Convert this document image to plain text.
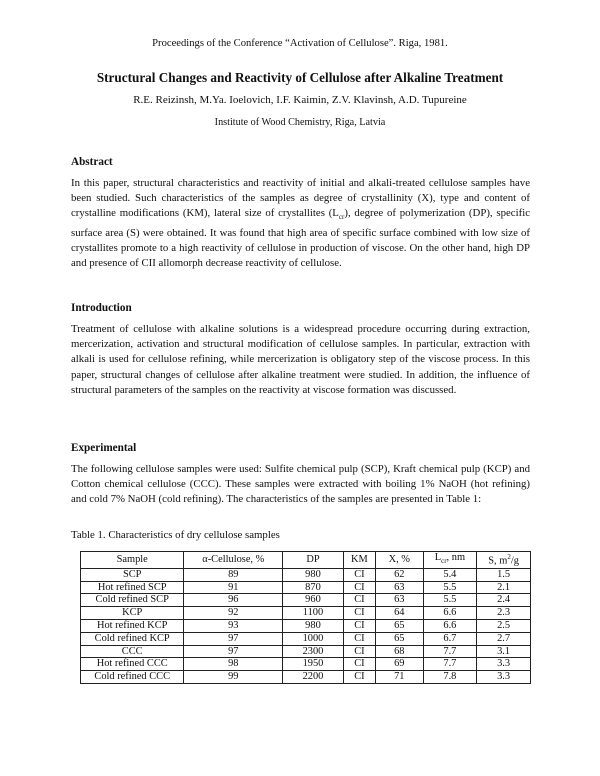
Proceedings of the Conference “Activation of Cellulose”. Riga, 1981.
Structural Changes and Reactivity of Cellulose after Alkaline Treatment
R.E. Reizinsh, M.Ya. Ioelovich, I.F. Kaimin, Z.V. Klavinsh, A.D. Tupureine
Institute of Wood Chemistry, Riga, Latvia
Abstract
In this paper, structural characteristics and reactivity of initial and alkali-treated cellulose samples have been studied. Such characteristics of the samples as degree of crystallinity (X), type and content of crystalline modifications (KM), lateral size of crystallites $(L_{cr})$, degree of polymerization (DP), specific surface area (S) were obtained. It was found that high area of specific surface combined with low size of crystallites promote to a high reactivity of cellulose in production of viscose. On the other hand, high DP and presence of CII allomorph decrease reactivity of cellulose.
Introduction
Treatment of cellulose with alkaline solutions is a widespread procedure occurring during extraction, mercerization, activation and structural modification of cellulose samples. In particular, extraction with alkali is used for cellulose refining, while mercerization is obligatory step of the viscose process. In this paper, structural changes of cellulose after alkaline treatment were studied. In addition, the influence of structural parameters of the samples on the reactivity at viscose formation was discussed.
Experimental
The following cellulose samples were used: Sulfite chemical pulp (SCP), Kraft chemical pulp (KCP) and Cotton chemical cellulose (CCC). These samples were extracted with boiling 1% NaOH (hot refining) and cold 7% NaOH (cold refining). The characteristics of the samples are presented in Table 1:
Table 1. Characteristics of dry cellulose samples
Sample	α-Cellulose, %	DP	KM	X, %	$L_{cr}$, nm	S, $m^2/g$
SCP	89	980	CI	62	5.4	1.5
Hot refined SCP	91	870	CI	63	5.5	2.1
Cold refined SCP	96	960	CI	63	5.5	2.4
KCP	92	1100	CI	64	6.6	2.3
Hot refined KCP	93	980	CI	65	6.6	2.5
Cold refined KCP	97	1000	CI	65	6.7	2.7
CCC	97	2300	CI	68	7.7	3.1
Hot refined CCC	98	1950	CI	69	7.7	3.3
Cold refined CCC	99	2200	CI	71	7.8	3.3
